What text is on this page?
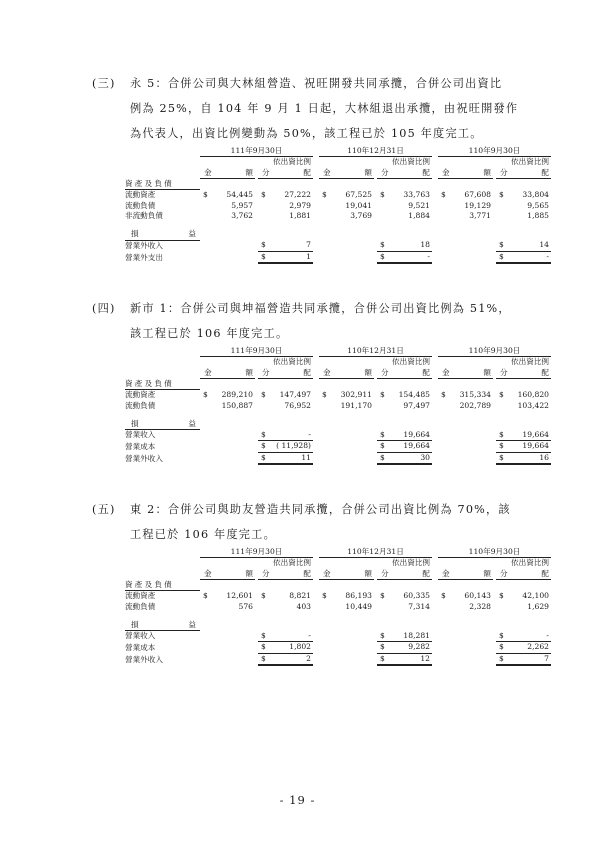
(三)	永 5：合併公司與大林組營造、祝旺開發共同承攬，合併公司出資比
例為 25%，自 104 年 9 月 1 日起，大林組退出承攬，由祝旺開發作
為代表人，出資比例變動為 50%，該工程已於 105 年度完工。
	111年9月30日				110年12月31日				110年9月30日		
			依出資比例				依出資比例				依出資比例

	金 額		分 配		金 額		分 配		金 額		分 配

資產及負債											
流動資產	$ 54,445		$ 27,222		$ 67,525		$ 33,763		$ 67,608		$ 33,804
流動負債	5,957		2,979		19,041		9,521		19,129		9,565
非流動負債	3,762		1,881		3,769		1,884		3,771		1,885

損 益											

營業外收入			$ 7				$ 18				$ 14
營業外支出			$ 1				$ -				$ -
(四)	新市 1：合併公司與坤福營造共同承攬，合併公司出資比例為 51%，
該工程已於 106 年度完工。
	111年9月30日				110年12月31日				110年9月30日		
			依出資比例				依出資比例				依出資比例

	金 額		分 配		金 額		分 配		金 額		分 配

資產及負債											
流動資產	$ 289,210		$ 147,497		$ 302,911		$ 154,485		$ 315,334		$ 160,820
流動負債	150,887		76,952		191,170		97,497		202,789		103,422

損 益											

營業收入			$ -				$ 19,664				$ 19,664
營業成本			$ ( 11,928)				$ 19,664				$ 19,664
營業外收入			$ 11				$ 30				$ 16
(五)	東 2：合併公司與助友營造共同承攬，合併公司出資比例為 70%，該
工程已於 106 年度完工。
	111年9月30日				110年12月31日				110年9月30日		
			依出資比例				依出資比例				依出資比例

	金 額		分 配		金 額		分 配		金 額		分 配

資產及負債											
流動資產	$ 12,601		$ 8,821		$ 86,193		$ 60,335		$ 60,143		$ 42,100
流動負債	576		403		10,449		7,314		2,328		1,629

損 益											

營業收入			$ -				$ 18,281				$ -
營業成本			$ 1,802				$ 9,282				$ 2,262
營業外收入			$ 2				$ 12				$ 7
- 19 -
